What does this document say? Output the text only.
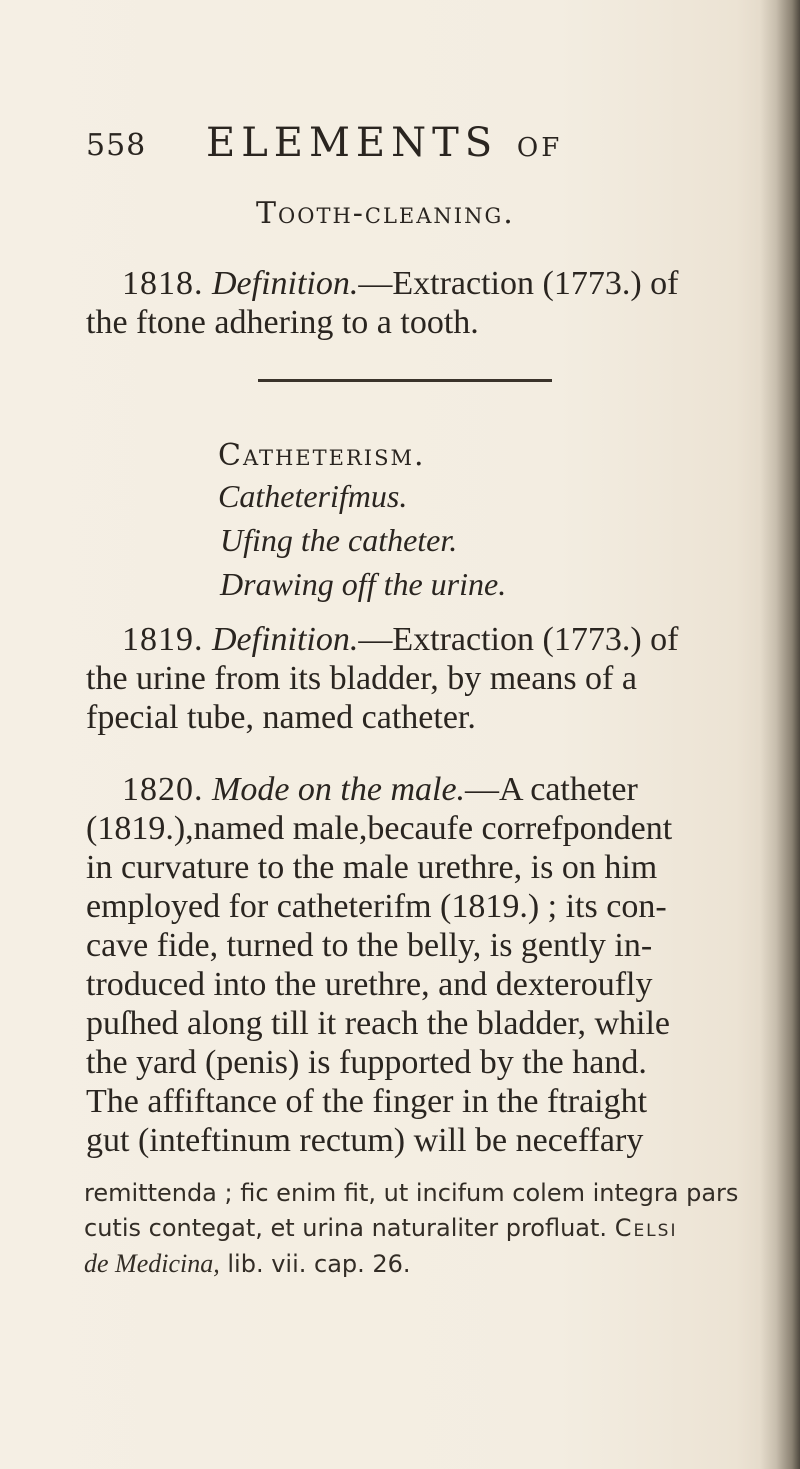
558 ELEMENTS OF
Tooth-cleaning.
1818. Definition.—Extraction (1773.) of
the ftone adhering to a tooth.
Catheterism.
Catheterifmus.
Ufing the catheter.
Drawing off the urine.
1819. Definition.—Extraction (1773.) of
the urine from its bladder, by means of a
fpecial tube, named catheter.
1820. Mode on the male.—A catheter
(1819.),named male,becaufe correfpondent
in curvature to the male urethre, is on him
employed for catheterifm (1819.) ; its con-
cave fide, turned to the belly, is gently in-
troduced into the urethre, and dexteroufly
puſhed along till it reach the bladder, while
the yard (penis) is fupported by the hand.
The affiftance of the finger in the ftraight
gut (inteftinum rectum) will be neceffary
remittenda ; fic enim fit, ut incifum colem integra pars
cutis contegat, et urina naturaliter profluat. Celsi
de Medicina, lib. vii. cap. 26.
